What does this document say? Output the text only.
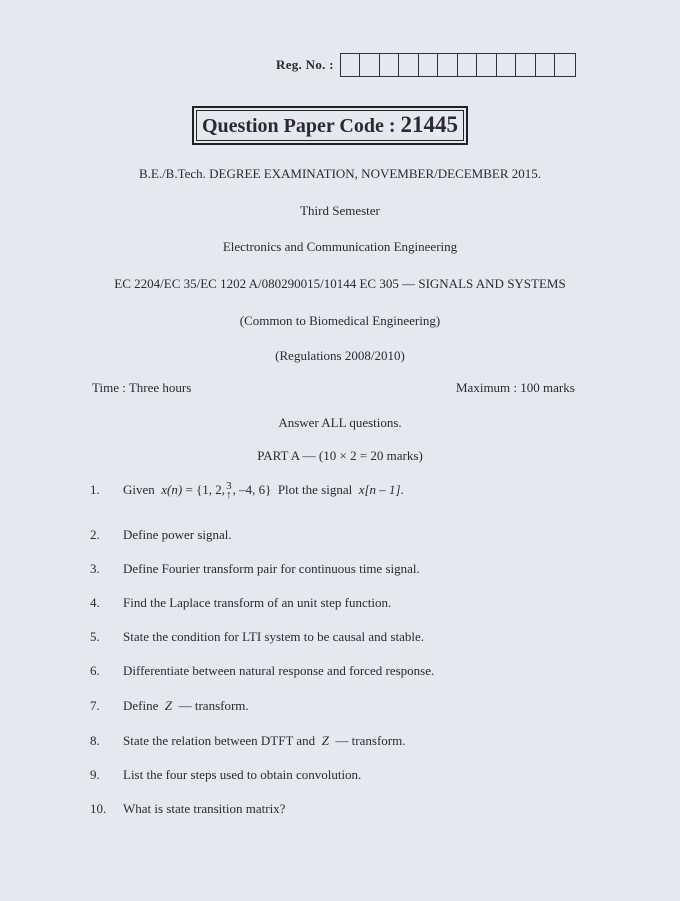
Reg. No. :
Question Paper Code : 21445
B.E./B.Tech. DEGREE EXAMINATION, NOVEMBER/DECEMBER 2015.
Third Semester
Electronics and Communication Engineering
EC 2204/EC 35/EC 1202 A/080290015/10144 EC 305 — SIGNALS AND SYSTEMS
(Common to Biomedical Engineering)
(Regulations 2008/2010)
Time : Three hours	Maximum : 100 marks
Answer ALL questions.
PART A — (10 × 2 = 20 marks)
1.	Given x(n) = {1, 2,3
↑, –4, 6} Plot the signal x[n – 1].
2.	Define power signal.
3.	Define Fourier transform pair for continuous time signal.
4.	Find the Laplace transform of an unit step function.
5.	State the condition for LTI system to be causal and stable.
6.	Differentiate between natural response and forced response.
7.	Define Z — transform.
8.	State the relation between DTFT and Z — transform.
9.	List the four steps used to obtain convolution.
10.	What is state transition matrix?
